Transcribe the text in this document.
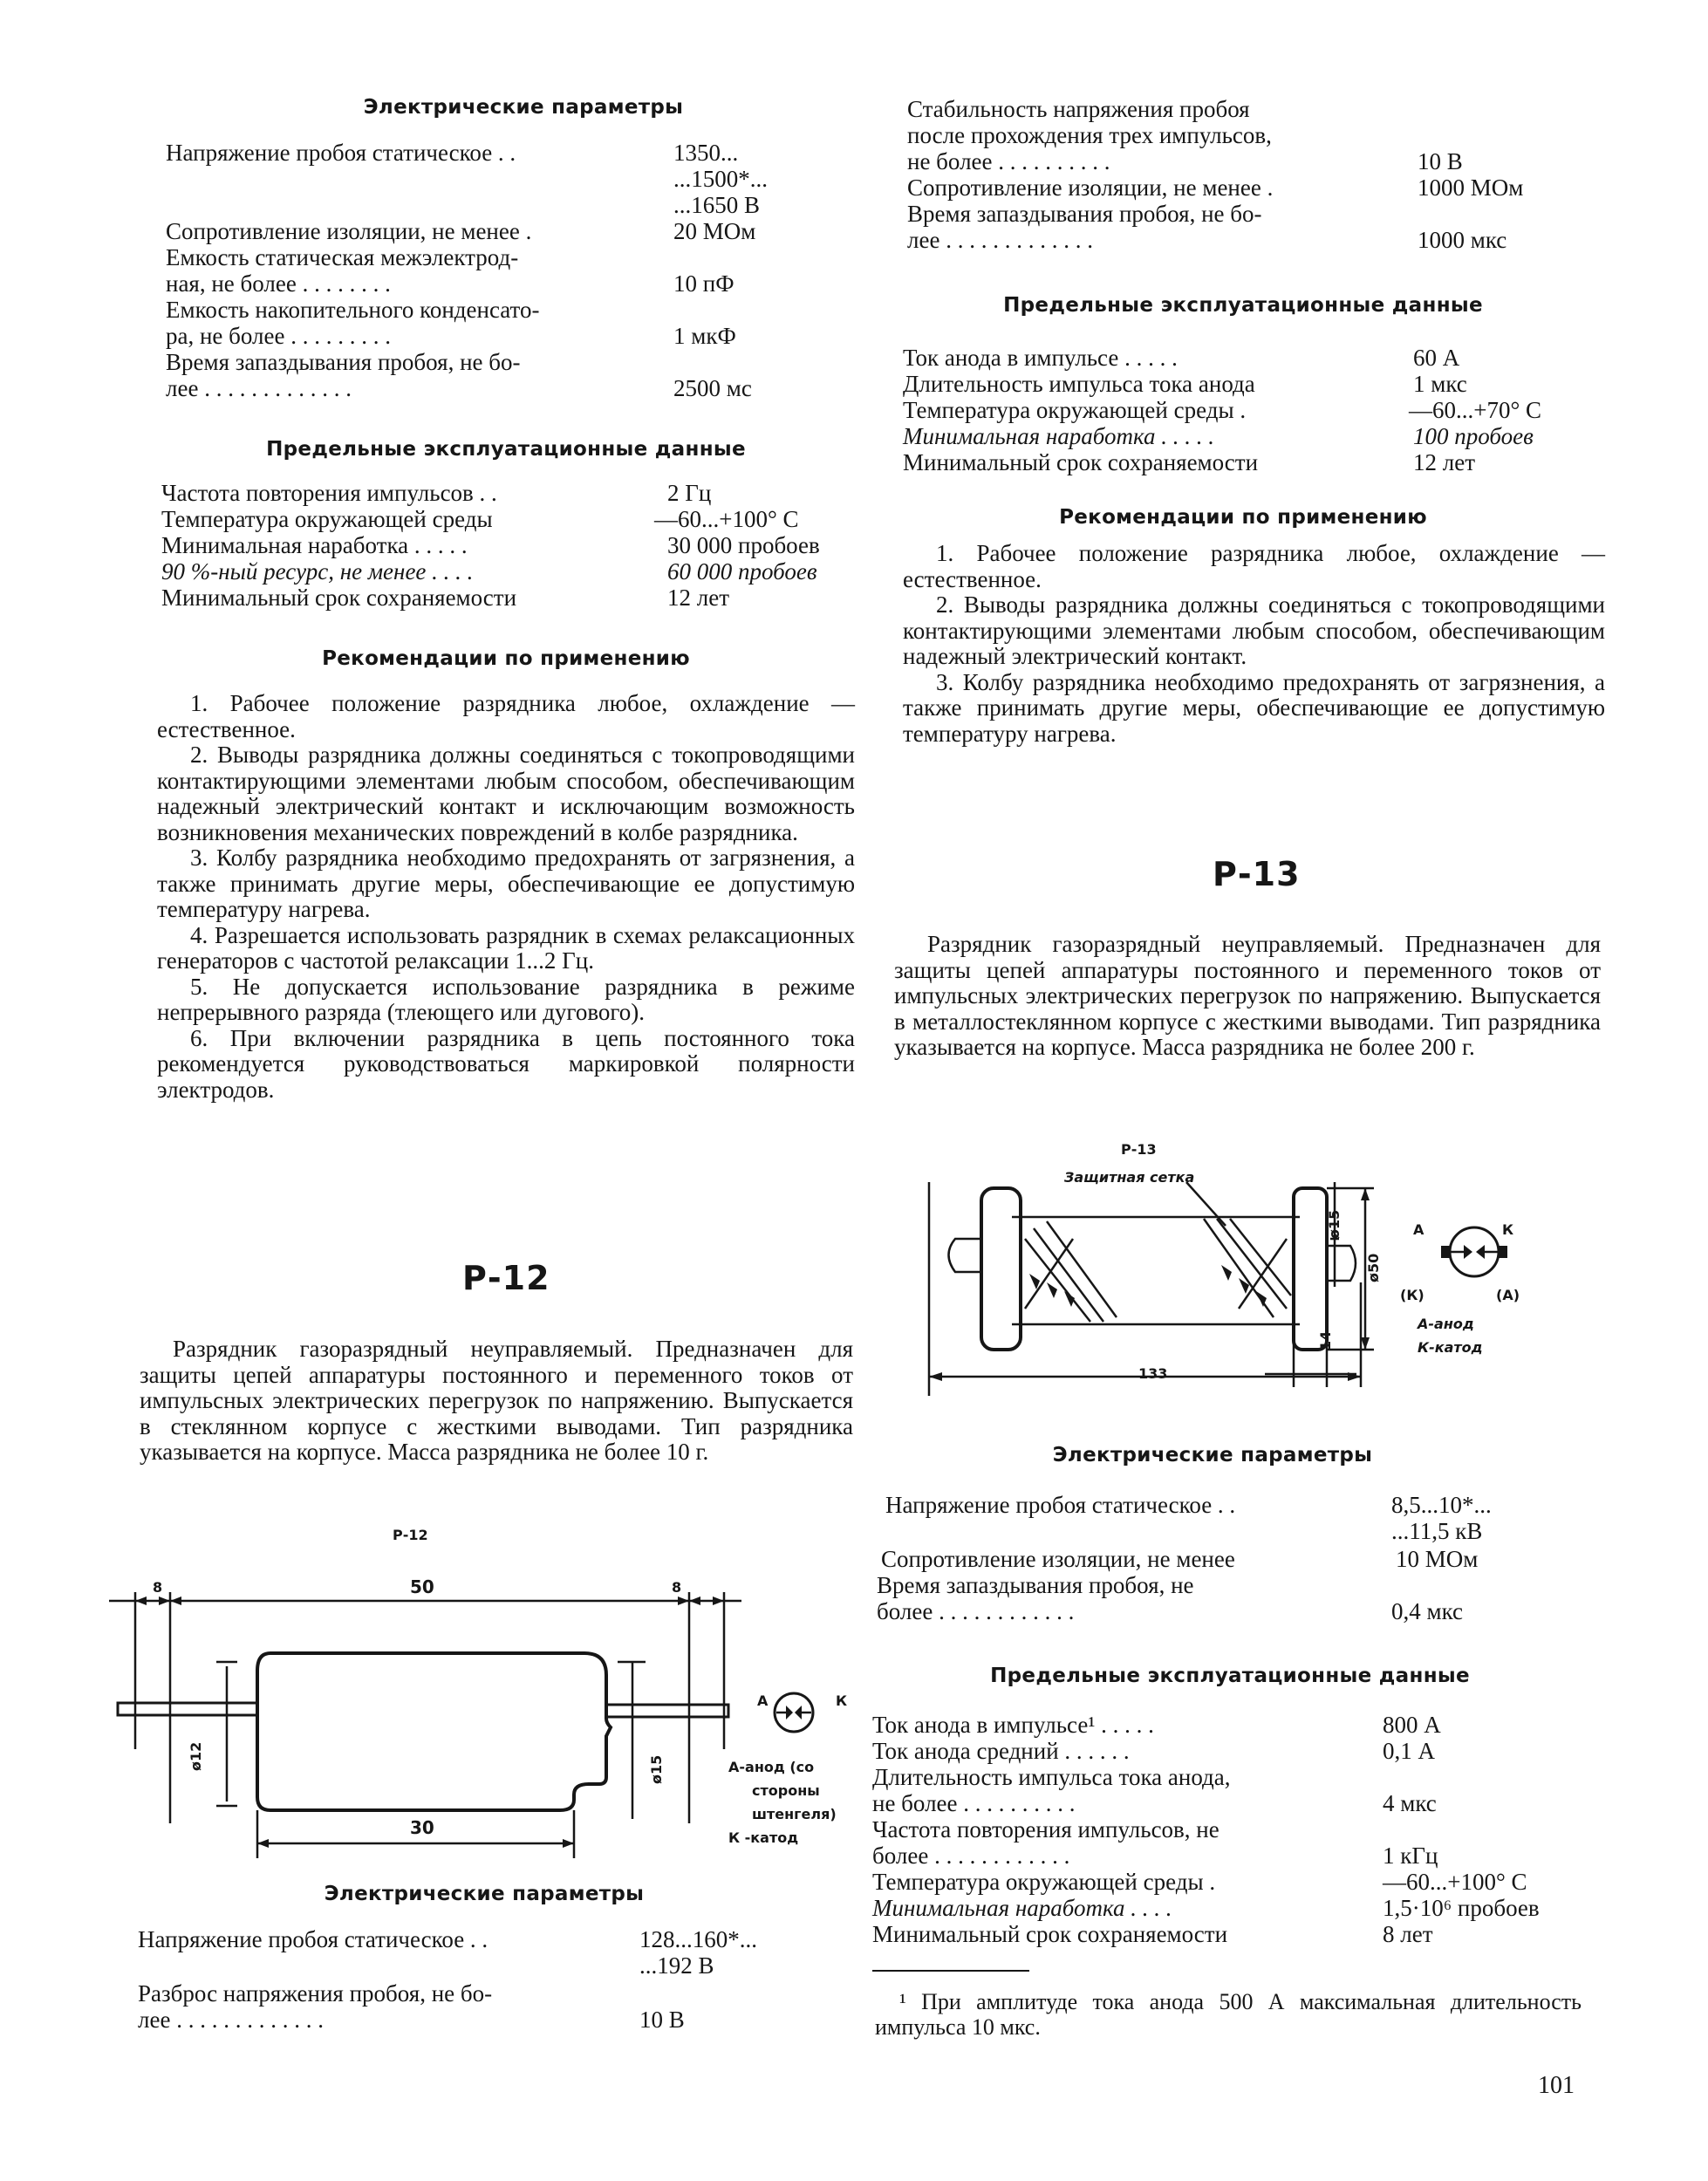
Электрические параметры
Напряжение пробоя статическое . .	1350...
...1500*...
...1650 В
Сопротивление изоляции, не менее .	20 МОм
Емкость статическая межэлектрод-
ная, не более . . . . . . . .	10 пФ
Емкость накопительного конденсато-
ра, не более . . . . . . . . .	1 мкФ
Время запаздывания пробоя, не бо-
лее . . . . . . . . . . . . .	2500 мс
Предельные эксплуатационные данные
Частота повторения импульсов . .	2 Гц
Температура окружающей среды	—60...+100° С
Минимальная наработка . . . . .	30 000 пробоев
90 %-ный ресурс, не менее . . . .	60 000 пробоев
Минимальный срок сохраняемости	12 лет
Рекомендации по применению

1. Рабочее положение разрядника любое, охлаждение — естественное.

2. Выводы разрядника должны соединяться с токопроводящими контактирующими элементами любым способом, обеспечивающим надежный электрический контакт и исключающим возможность возникновения механических повреждений в колбе разрядника.

3. Колбу разрядника необходимо предохранять от загрязнения, а также принимать другие меры, обеспечивающие ее допустимую температуру нагрева.

4. Разрешается использовать разрядник в схемах релаксационных генераторов с частотой релаксации 1...2 Гц.

5. Не допускается использование разрядника в режиме непрерывного разряда (тлеющего или дугового).

6. При включении разрядника в цепь постоянного тока рекомендуется руководствоваться маркировкой полярности электродов.

Р-12
Разрядник газоразрядный неуправляемый. Предназначен для защиты цепей аппаратуры постоянного и переменного токов от импульсных электрических перегрузок по напряжению. Выпускается в стеклянном корпусе с жесткими выводами. Тип разрядника указывается на корпусе. Масса разрядника не более 10 г.
Р-12
8	50	8
ø12	ø15
30
А	К
А-анод (со
стороны
штенгеля)
К -катод
Электрические параметры
Напряжение пробоя статическое . .	128...160*...
...192 В
Разброс напряжения пробоя, не бо-
лее . . . . . . . . . . . . .	10 В
Стабильность напряжения пробоя
после прохождения трех импульсов,
не более . . . . . . . . . .	10 В
Сопротивление изоляции, не менее .	1000 МОм
Время запаздывания пробоя, не бо-
лее . . . . . . . . . . . . .	1000 мкс
Предельные эксплуатационные данные
Ток анода в импульсе . . . . .	60 А
Длительность импульса тока анода	1 мкс
Температура окружающей среды .	—60...+70° С
Минимальная наработка . . . . .	100 пробоев
Минимальный срок сохраняемости	12 лет
Рекомендации по применению

1. Рабочее положение разрядника любое, охлаждение — естественное.

2. Выводы разрядника должны соединяться с токопроводящими контактирующими элементами любым способом, обеспечивающим надежный электрический контакт.

3. Колбу разрядника необходимо предохранять от загрязнения, а также принимать другие меры, обеспечивающие ее допустимую температуру нагрева.

Р-13
Разрядник газоразрядный неуправляемый. Предназначен для защиты цепей аппаратуры постоянного и переменного токов от импульсных электрических перегрузок по напряжению. Выпускается в металлостеклянном корпусе с жесткими выводами. Тип разрядника указывается на корпусе. Масса разрядника не более 200 г.
Р-13
Защитная сетка
ø15
ø50
14
133
А	К
(К)	(А)
А-анод
К-катод
Электрические параметры
Напряжение пробоя статическое . .	8,5...10*...
...11,5 кВ
Сопротивление изоляции, не менее	10 МОм
Время запаздывания пробоя, не
более . . . . . . . . . . . .	0,4 мкс
Предельные эксплуатационные данные
Ток анода в импульсе¹ . . . . .	800 А
Ток анода средний . . . . . .	0,1 А
Длительность импульса тока анода,
не более . . . . . . . . . .	4 мкс
Частота повторения импульсов, не
более . . . . . . . . . . . .	1 кГц
Температура окружающей среды .	—60...+100° С
Минимальная наработка . . . .	1,5·10⁶ пробоев
Минимальный срок сохраняемости	8 лет
¹ При амплитуде тока анода 500 А максимальная длительность импульса 10 мкс.
101
